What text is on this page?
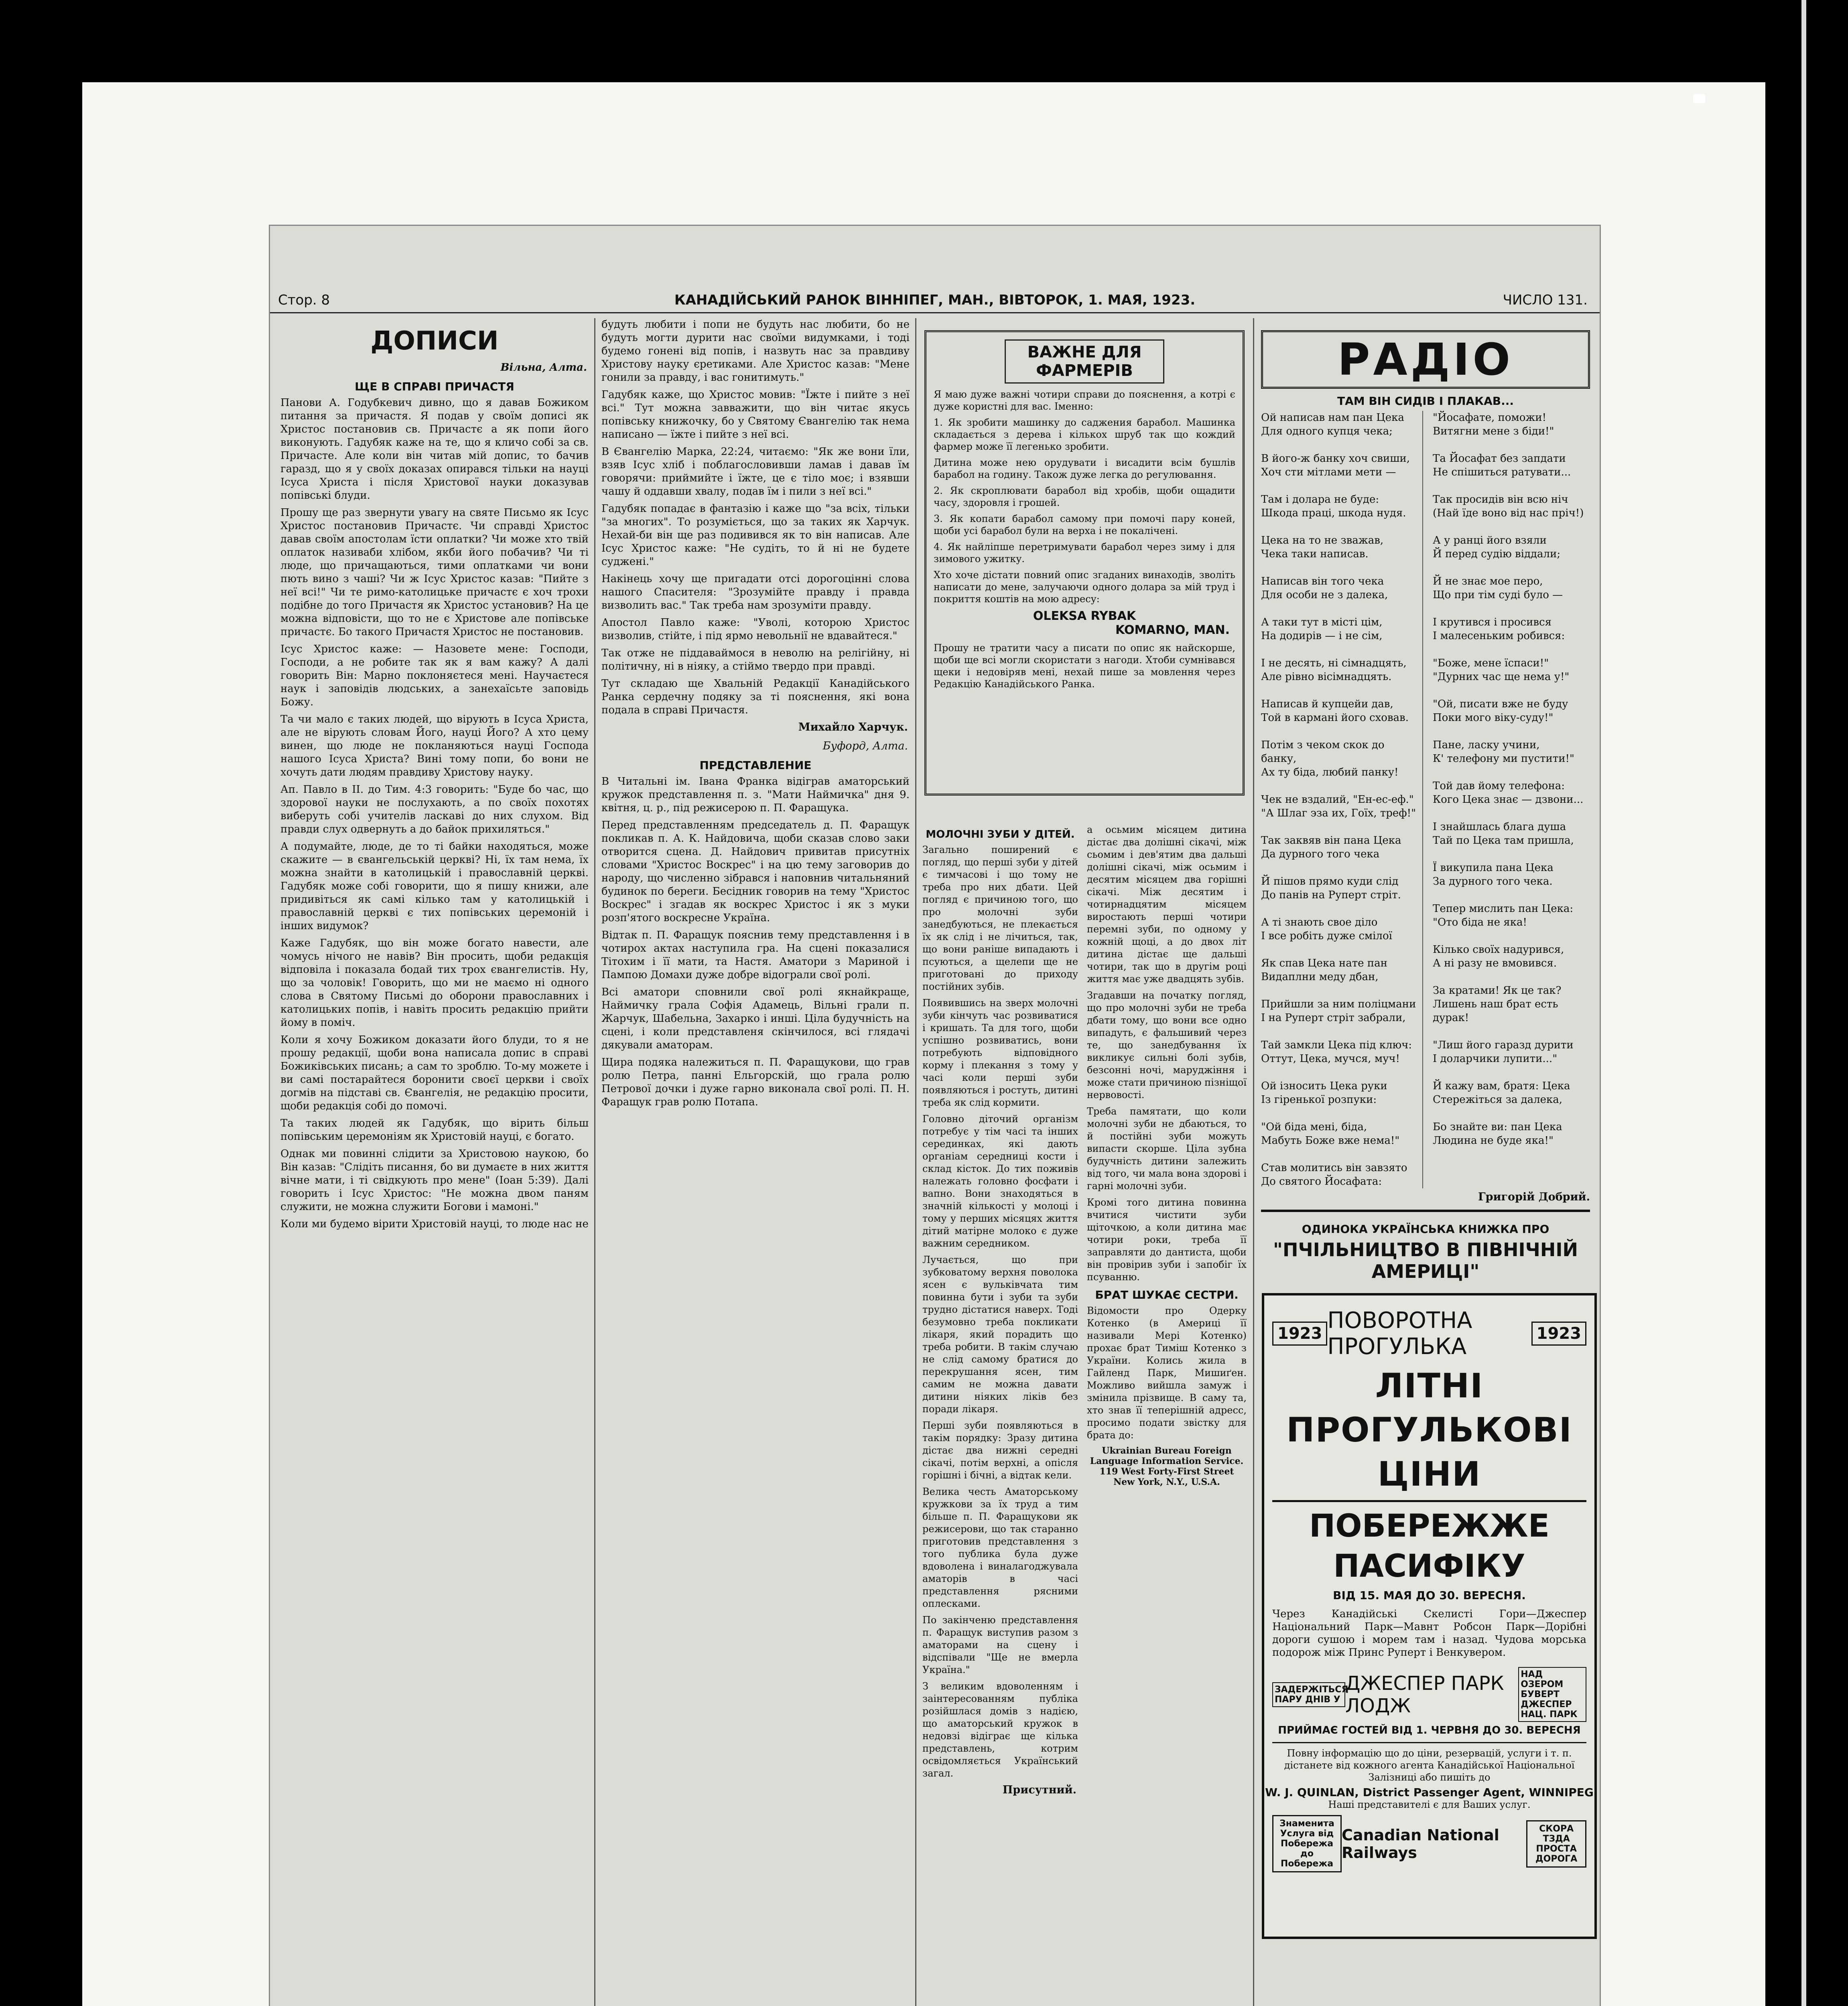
Стор. 8	КАНАДІЙСЬКИЙ РАНОК ВІННІПЕГ, МАН., ВІВТОРОК, 1. МАЯ, 1923.	ЧИСЛО 131.
ДОПИСИ
Вільна, Алта.
ЩЕ В СПРАВІ ПРИЧАСТЯ

Панови А. Годубкевич дивно, що я давав Божиком питання за причастя. Я подав у своїм дописі як Христос постановив св. Причастє а як попи його виконують. Гадубяк каже на те, що я кличо собі за св. Причасте. Але коли він читав мій допис, то бачив гаразд, що я у своїх доказах опирався тільки на науці Ісуса Христа і після Христової науки доказував попівські блуди.

Прошу ще раз звернути увагу на святе Письмо як Ісус Христос постановив Причастє. Чи справді Христос давав своїм апостолам їсти оплатки? Чи може хто твій оплаток називаби хлібом, якби його побачив? Чи ті люде, що причащаються, тими оплатками чи вони пють вино з чаші? Чи ж Ісус Христос казав: "Пийте з неї всі!" Чи те римо-католицьке причастє є хоч трохи подібне до того Причастя як Христос установив? На це можна відповісти, що то не є Христове але попівське причастє. Бо такого Причастя Христос не постановив.

Ісус Христос каже: — Назовете мене: Господи, Господи, а не робите так як я вам кажу? А далі говорить Він: Марно поклоняєтеся мені. Научаєтеся наук і заповідів людських, а занехаїсьте заповідь Божу.

Та чи мало є таких людей, що вірують в Ісуса Христа, але не вірують словам Його, науці Його? А хто цему винен, що люде не покланяються науці Господа нашого Ісуса Христа? Вині тому попи, бо вони не хочуть дати людям правдиву Христову науку.

Ап. Павло в II. до Тим. 4:3 говорить: "Буде бо час, що здорової науки не послухають, а по своїх похотях виберуть собі учителів ласкаві до них слухом. Від правди слух одвернуть а до байок прихиляться."

А подумайте, люде, де то ті байки находяться, може скажите — в євангельській церкві? Ні, їх там нема, їх можна знайти в католицькій і православній церкві. Гадубяк може собі говорити, що я пишу книжи, але придивіться як самі кілько там у католицькій і православній церкві є тих попівських церемоній і інших видумок?

Каже Гадубяк, що він може богато навести, але чомусь нічого не навів? Він просить, щоби редакція відповіла і показала бодай тих трох євангелистів. Ну, що за чоловік! Говорить, що ми не маємо ні одного слова в Святому Письмі до оборони православних і католицьких попів, і навіть просить редакцію прийти йому в поміч.

Коли я хочу Божиком доказати його блуди, то я не прошу редакції, щоби вона написала допис в справі Божиківських писань; а сам то зроблю. То-му можете і ви самі постарайтеся боронити своєї церкви і своїх догмів на підставі св. Євангелія, не редакцію просити, щоби редакція собі до помочі.

Та таких людей як Гадубяк, що вірить більш попівським церемоніям як Христовій науці, є богато.

Однак ми повинні слідити за Христовою наукою, бо Він казав: "Слідіть писання, бо ви думаєте в них життя вічне мати, і ті свідкують про мене" (Іоан 5:39). Далі говорить і Ісус Христос: "Не можна двом паням служити, не можна служити Богови і мамоні."

Коли ми будемо вірити Христовій науці, то люде нас не

будуть любити і попи не будуть нас любити, бо не будуть могти дурити нас своїми видумками, і тоді будемо гонені від попів, і назвуть нас за правдиву Христову науку єретиками. Але Христос казав: "Мене гонили за правду, і вас гонитимуть."

Гадубяк каже, що Христос мовив: "Їжте і пийте з неї всі." Тут можна завважити, що він читає якусь попівську книжочку, бо у Святому Євангелію так нема написано — їжте і пийте з неї всі.

В Євангелію Марка, 22:24, читаємо: "Як же вони їли, взяв Ісус хліб і поблагословивши ламав і давав їм говорячи: приймийте і їжте, це є тіло моє; і взявши чашу й оддавши хвалу, подав їм і пили з неї всі."

Гадубяк попадає в фантазію і каже що "за всіх, тільки "за многих". То розуміється, що за таких як Харчук. Нехай-би він ще раз подивився як то він написав. Але Ісус Христос каже: "Не судіть, то й ні не будете суджені."

Накінець хочу ще пригадати отсі дорогоцінні слова нашого Спасителя: "Зрозумійте правду і правда визволить вас." Так треба нам зрозуміти правду.

Апостол Павло каже: "Уволі, которою Христос визволив, стійте, і під ярмо невольнії не вдавайтеся."

Так отже не піддаваймося в неволю на релігійну, ні політичну, ні в ніяку, а стіймо твердо при правді.

Тут складаю ще Хвальній Редакції Канадійського Ранка сердечну подяку за ті пояснення, які вона подала в справі Причастя.

Михайло Харчук.
Буфорд, Алта.
ПРЕДСТАВЛЕНИЕ

В Читальні ім. Івана Франка відіграв аматорський кружок представлення п. з. "Мати Наймичка" дня 9. квітня, ц. р., під режисерою п. П. Фаращука.

Перед представленням председатель д. П. Фаращук покликав п. А. К. Найдовича, щоби сказав слово заки отворится сцена. Д. Найдович привитав присутніх словами "Христос Воскрес" і на цю тему заговорив до народу, що численно зібрався і наповнив читальняний будинок по береги. Бесідник говорив на тему "Христос Воскрес" і згадав як воскрес Христос і як з муки розп'ятого воскресне Україна.

Відтак п. П. Фаращук пояснив тему представлення і в чотирох актах наступила гра. На сцені показалися Тітохим і її мати, та Настя. Аматори з Мариной і Пампою Домахи дуже добре відограли свої ролі.

Всі аматори сповнили свої ролі якнайкраще, Наймичку грала Софія Адамець, Вільні грали п. Жарчук, Шабельна, Захарко і инші. Ціла будучність на сцені, і коли представленя скінчилося, всі глядачі дякували аматорам.

Щира подяка належиться п. П. Фаращукови, що грав ролю Петра, панні Ельгорскій, що грала ролю Петрової дочки і дуже гарно виконала свої ролі. П. Н. Фаращук грав ролю Потапа.

МОЛОЧНІ ЗУБИ У ДІТЕЙ.

Загально поширений є погляд, що перші зуби у дітей є тимчасові і що тому не треба про них дбати. Цей погляд є причиною того, що про молочні зуби занедбуються, не плекається їх як слід і не лічиться, так, що вони раніше випадають і псуються, а щелепи ще не приготовані до приходу постійних зубів.

Появившись на зверх молочні зуби кінчуть час розвиватися і кришать. Та для того, щоби успішно розвиватись, вони потребують відповідного корму і плекання з тому у часі коли перші зуби появляються і ростуть, дитині треба як слід кормити.

Головно діточий організм потребує у тім часі та інших серединках, які дають органіам середниці кости і склад кісток. До тих поживів належать головно фосфати і вапно. Вони знаходяться в значній кількості у молоці і тому у перших місяцях життя дітий матірне молоко є дуже важним середником.

Лучається, що при зубковатому верхня поволока ясен є вульківчата тим повинна бути і зуби та зуби трудно дістатися наверх. Тоді безумовно треба покликати лікаря, який порадить що треба робити. В такім случаю не слід самому братися до перекрушання ясен, тим самим не можна давати дитини ніяких ліків без поради лікаря.

Перші зуби появляються в такім порядку: Зразу дитина дістає два нижні середні сікачі, потім верхні, а опісля горішні і бічні, а відтак кели.

Велика честь Аматорському кружкови за їх труд а тим більше п. П. Фаращукови як режисерови, що так старанно приготовив представлення з того публика була дуже вдоволена і виналагоджувала аматорів в часі представлення рясними оплесками.

По закінченю представлення п. Фаращук виступив разом з аматорами на сцену і відспівали "Ще не вмерла Україна."

З великим вдоволенням і заінтересованням публіка розійшлася домів з надією, що аматорський кружок в недовзі відіграє ще кілька представлень, котрим освідомляється Український загал.

Присутний.

а осьмим місяцем дитина дістає два долішні сікачі, між сьомим і дев'ятим два дальші долішні сікачі, між осьмим і десятим місяцем два горішні сікачі. Між десятим і чотирнадцятим місяцем виростають перші чотири перемні зуби, по одному у кожній щоці, а до двох літ дитина дістає ще дальші чотири, так що в другім році життя має уже двадцять зубів.

Згадавши на початку погляд, що про молочні зуби не треба дбати тому, що вони все одно випадуть, є фальшивий через те, що занедбування їх викликує сильні болі зубів, безсонні ночі, маруджіння і може стати причиною пізніщої нервовості.

Треба памятати, що коли молочні зуби не дбаються, то й постійні зуби можуть випасти скорше. Ціла зубна будучність дитини залежить від того, чи мала вона здорові і гарні молочні зуби.

Кромі того дитина повинна вчитися чистити зуби щіточкою, а коли дитина має чотири роки, треба її заправляти до дантиста, щоби він провірив зуби і запобіг їх псуванню.

БРАТ ШУКАЄ СЕСТРИ.

Відомости про Одерку Котенко (в Америці її називали Мері Котенко) прохає брат Тиміш Котенко з України. Колись жила в Гайленд Парк, Мишиґен. Можливо вийшла замуж і змінила прізвище. В саму та, хто знав її теперішній адресс, просимо подати звістку для брата до:

Ukrainian Bureau Foreign Language Information Service.
119 West Forty-First Street
New York, N.Y., U.S.A.
ВАЖНЕ ДЛЯ ФАРМЕРІВ

Я маю дуже важні чотири справи до пояснення, а котрі є дуже користні для вас. Іменно:

1. Як зробити машинку до саджения барабол. Машинка складається з дерева і кількох шруб так що кождий фармер може її легенько зробити.

Дитина може нею орудувати і висадити всім бушлів барабол на годину. Також дуже легка до регулювання.

2. Як скроплювати барабол від хробів, щоби ощадити часу, здоровля і грошей.

3. Як копати барабол самому при помочі пару коней, щоби усі барабол були на верха і не покалічені.

4. Як найліпше перетримувати барабол через зиму і для зимового ужитку.

Хто хоче дістати повний опис згаданих винаходів, зволіть написати до мене, залучаючи одного долара за мій труд і покриття коштів на мою адресу:

OLEKSA RYBAK
KOMARNO, MAN.

Прошу не тратити часу а писати по опис як найскорше, щоби ще всі могли скористати з нагоди. Хтоби сумнівався щеки і недовіряв мені, нехай пише за мовлення через Редакцію Канадійського Ранка.

РАДІО
ТАМ ВІН СИДІВ І ПЛАКАВ...
Ой написав нам пан Цека
Для одного купця чека;

В його-ж банку хоч свиши,
Хоч сти мітлами мети —

Там і долара не буде:
Шкода праці, шкода нудя.

Цека на то не зважав,
Чека таки написав.

Написав він того чека
Для особи не з далека,

А таки тут в місті цім,
На додирів — і не сім,

І не десять, ні сімнадцять,
Але рівно вісімнадцять.

Написав й купцейи дав,
Той в кармані його сховав.

Потім з чеком скок до банку,
Ах ту біда, любий панку!

Чек не вздалий, "Ен-ес-еф."
"А Шлаг эза их, Гоїх, треф!"

Так заквяв він пана Цека
Да дурного того чека

Й пішов прямо куди слід
До панів на Руперт стріт.

А ті знають свое діло
І все робіть дуже смілої

Як спав Цека нате пан
Видаплни меду дбан,

Прийшли за ним поліцмани
І на Руперт стріт забрали,

Тай замкли Цека під ключ:
Оттут, Цека, мучся, муч!

Ой ізносить Цека руки
Із гіренької розпуки:

"Ой біда мені, біда,
Мабуть Боже вже нема!"

Став молитись він завзято
До святого Йосафата:
"Йосафате, поможи!
Витягни мене з біди!"

Та Йосафат без запдати
Не спішиться ратувати...

Так просидів він всю ніч
(Най їде воно від нас пріч!)

А у ранці його взяли
Й перед судію віддали;

Й не знає мое перо,
Що при тім суді було —

І крутився і просився
І малесеньким робився:

"Боже, мене їспаси!"
"Дурних час ще нема у!"

"Ой, писати вже не буду
Поки мого віку-суду!"

Пане, ласку учини,
К' телефону ми пустити!"

Той дав йому телефона:
Кого Цека знає — дзвони...

І знайшлась блага душа
Тай по Цека там пришла,

Ї викупила пана Цека
За дурного того чека.

Тепер мислить пан Цека:
"Ото біда не яка!

Кілько своїх надурився,
А ні разу не вмовився.

За кратами! Як це так?
Лишень наш брат есть дурак!

"Лиш його гаразд дурити
І доларчики лупити..."

Й кажу вам, братя: Цека
Стережіться за далека,

Бо знайте ви: пан Цека
Людина не буде яка!"
Григорій Добрий.
ОДИНОКА УКРАЇНСЬКА КНИЖКА ПРО
"ПЧІЛЬНИЦТВО В ПІВНІЧНІЙ АМЕРИЦІ"

1923 ПОВОРОТНА ПРОГУЛЬКА	1923
ЛІТНІ ПРОГУЛЬКОВІ ЦІНИ
ПОБЕРЕЖЖЕ ПАСИФІКУ
ВІД 15. МАЯ ДО 30. ВЕРЕСНЯ.

Через Канадійські Скелисті Гори—Джеспер Національний Парк—Мавнт Робсон Парк—Дорібні дороги сушою і морем там і назад. Чудова морська подорож між Принс Руперт і Венкувером.

ЗАДЕРЖІТЬСЯ ПАРУ ДНІВ У
ДЖЕСПЕР ПАРК ЛОДЖ
НАД ОЗЕРОМ БУВЕРТ ДЖЕСПЕР НАЦ. ПАРК
ПРИЙМАЄ ГОСТЕЙ ВІД 1. ЧЕРВНЯ ДО 30. ВЕРЕСНЯ

Повну інформацію що до ціни, резервацій, услуги і т. п. дістанете від кожного агента Канадійської Національної Залізниці або пишіть до

W. J. QUINLAN, District Passenger Agent, WINNIPEG
Наші представителі є для Ваших услуг.
Знаменита Услуга від Побережа до Побережа
Canadian National Railways
СКОРА ТЗДА ПРОСТА ДОРОГА
